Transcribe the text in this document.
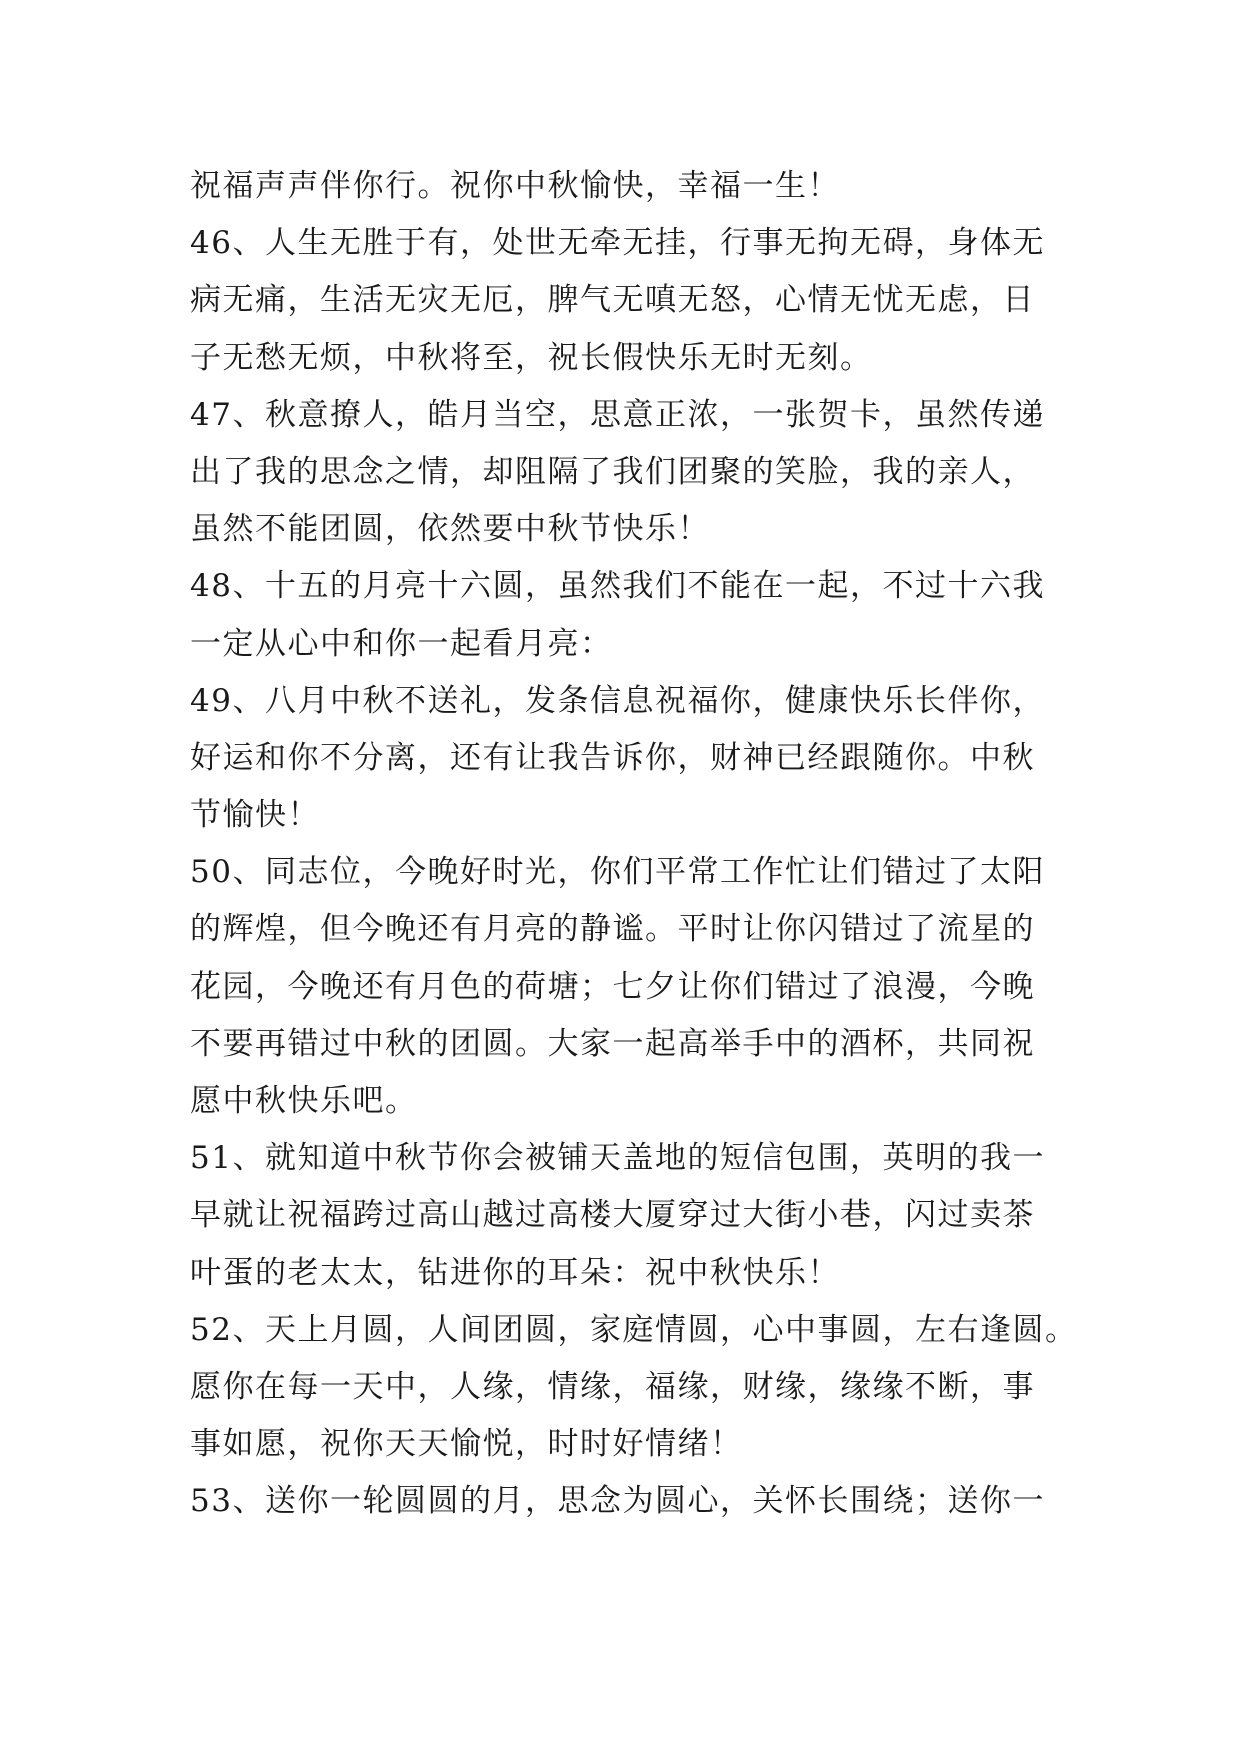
祝福声声伴你行。祝你中秋愉快，幸福一生！
46、人生无胜于有，处世无牵无挂，行事无拘无碍，身体无
病无痛，生活无灾无厄，脾气无嗔无怒，心情无忧无虑，日
子无愁无烦，中秋将至，祝长假快乐无时无刻。
47、秋意撩人，皓月当空，思意正浓，一张贺卡，虽然传递
出了我的思念之情，却阻隔了我们团聚的笑脸，我的亲人，
虽然不能团圆，依然要中秋节快乐！
48、十五的月亮十六圆，虽然我们不能在一起，不过十六我
一定从心中和你一起看月亮：
49、八月中秋不送礼，发条信息祝福你，健康快乐长伴你，
好运和你不分离，还有让我告诉你，财神已经跟随你。中秋
节愉快！
50、同志位，今晚好时光，你们平常工作忙让们错过了太阳
的辉煌，但今晚还有月亮的静谧。平时让你闪错过了流星的
花园，今晚还有月色的荷塘；七夕让你们错过了浪漫，今晚
不要再错过中秋的团圆。大家一起高举手中的酒杯，共同祝
愿中秋快乐吧。
51、就知道中秋节你会被铺天盖地的短信包围，英明的我一
早就让祝福跨过高山越过高楼大厦穿过大街小巷，闪过卖茶
叶蛋的老太太，钻进你的耳朵：祝中秋快乐！
52、天上月圆，人间团圆，家庭情圆，心中事圆，左右逢圆。
愿你在每一天中，人缘，情缘，福缘，财缘，缘缘不断，事
事如愿，祝你天天愉悦，时时好情绪！
53、送你一轮圆圆的月，思念为圆心，关怀长围绕；送你一
